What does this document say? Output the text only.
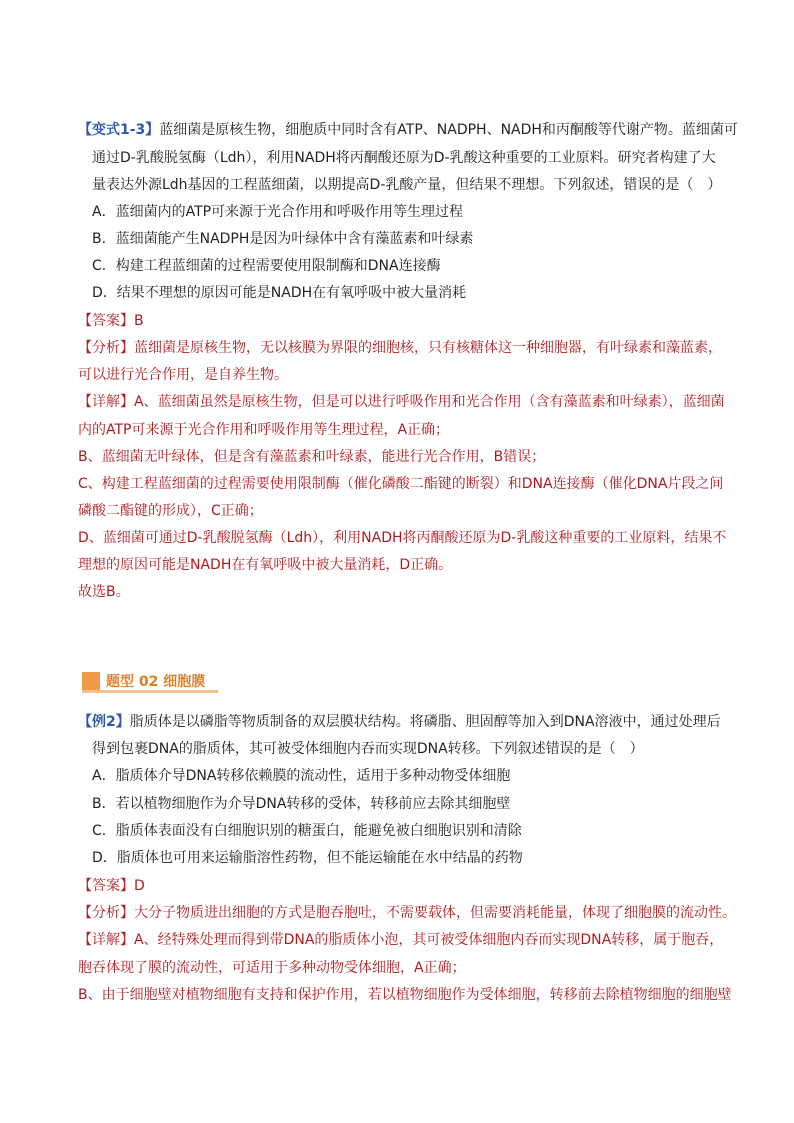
【变式1-3】蓝细菌是原核生物，细胞质中同时含有ATP、NADPH、NADH和丙酮酸等代谢产物。蓝细菌可
通过D-乳酸脱氢酶（Ldh），利用NADH将丙酮酸还原为D-乳酸这种重要的工业原料。研究者构建了大
量表达外源Ldh基因的工程蓝细菌，以期提高D-乳酸产量，但结果不理想。下列叙述，错误的是（　）
A．蓝细菌内的ATP可来源于光合作用和呼吸作用等生理过程
B．蓝细菌能产生NADPH是因为叶绿体中含有藻蓝素和叶绿素
C．构建工程蓝细菌的过程需要使用限制酶和DNA连接酶
D．结果不理想的原因可能是NADH在有氧呼吸中被大量消耗
【答案】B
【分析】蓝细菌是原核生物，无以核膜为界限的细胞核，只有核糖体这一种细胞器，有叶绿素和藻蓝素，
可以进行光合作用，是自养生物。
【详解】A、蓝细菌虽然是原核生物，但是可以进行呼吸作用和光合作用（含有藻蓝素和叶绿素），蓝细菌
内的ATP可来源于光合作用和呼吸作用等生理过程，A正确；
B、蓝细菌无叶绿体，但是含有藻蓝素和叶绿素，能进行光合作用，B错误；
C、构建工程蓝细菌的过程需要使用限制酶（催化磷酸二酯键的断裂）和DNA连接酶（催化DNA片段之间
磷酸二酯键的形成），C正确；
D、蓝细菌可通过D-乳酸脱氢酶（Ldh），利用NADH将丙酮酸还原为D-乳酸这种重要的工业原料，结果不
理想的原因可能是NADH在有氧呼吸中被大量消耗，D正确。
故选B。
题型 02 细胞膜
【例2】脂质体是以磷脂等物质制备的双层膜状结构。将磷脂、胆固醇等加入到DNA溶液中，通过处理后
得到包裹DNA的脂质体，其可被受体细胞内吞而实现DNA转移。下列叙述错误的是（　）
A．脂质体介导DNA转移依赖膜的流动性，适用于多种动物受体细胞
B．若以植物细胞作为介导DNA转移的受体，转移前应去除其细胞壁
C．脂质体表面没有白细胞识别的糖蛋白，能避免被白细胞识别和清除
D．脂质体也可用来运输脂溶性药物，但不能运输能在水中结晶的药物
【答案】D
【分析】大分子物质进出细胞的方式是胞吞胞吐，不需要载体，但需要消耗能量，体现了细胞膜的流动性。
【详解】A、经特殊处理而得到带DNA的脂质体小泡，其可被受体细胞内吞而实现DNA转移，属于胞吞，
胞吞体现了膜的流动性，可适用于多种动物受体细胞，A正确；
B、由于细胞壁对植物细胞有支持和保护作用，若以植物细胞作为受体细胞，转移前去除植物细胞的细胞壁
